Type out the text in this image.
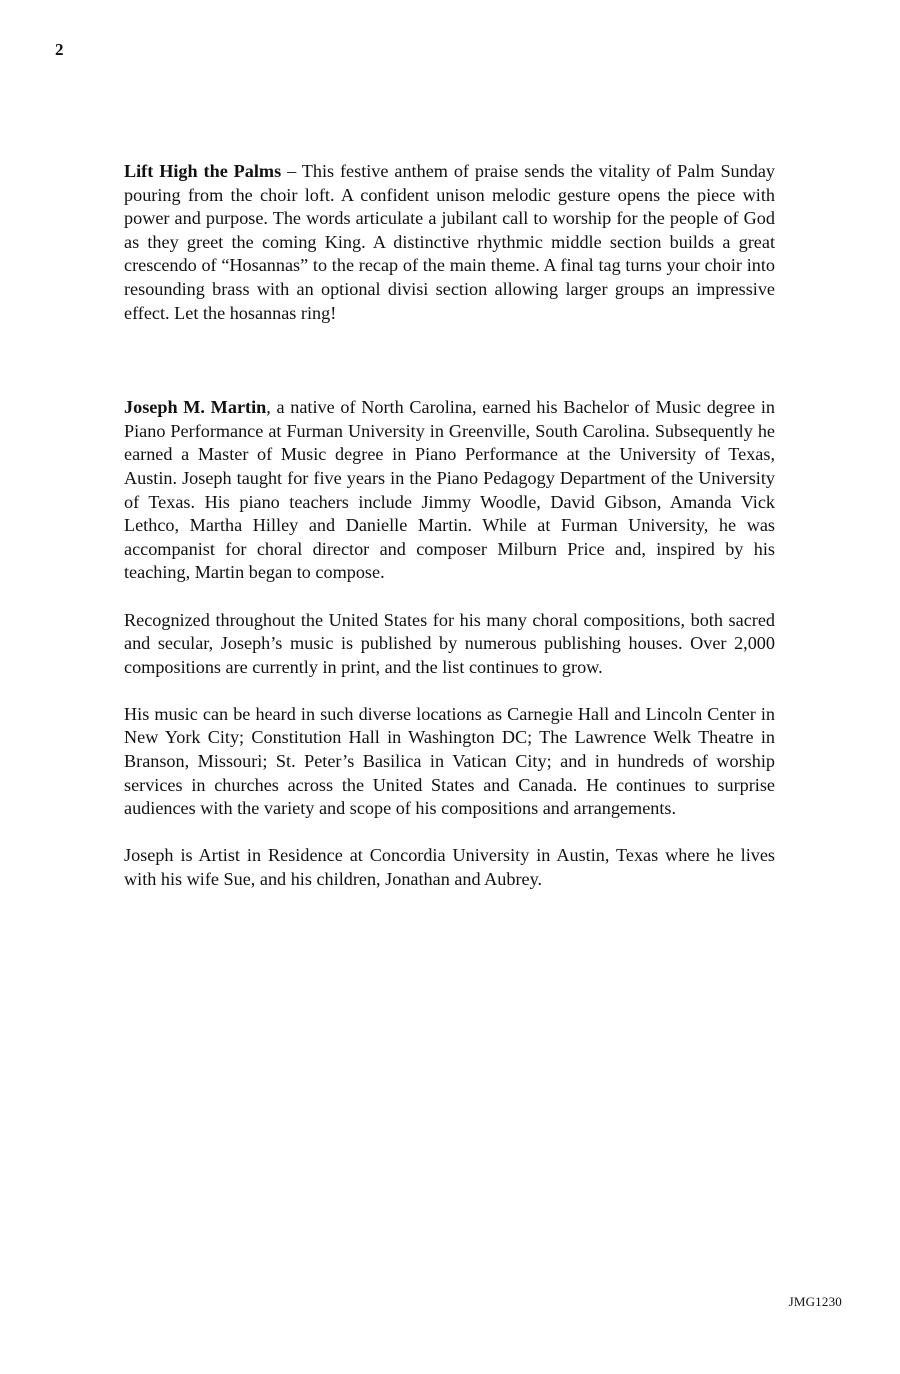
2

Lift High the Palms – This festive anthem of praise sends the vitality of Palm Sunday pouring from the choir loft. A confident unison melodic gesture opens the piece with power and purpose. The words articulate a jubilant call to worship for the people of God as they greet the coming King. A distinctive rhythmic middle section builds a great crescendo of “Hosannas” to the recap of the main theme. A final tag turns your choir into resounding brass with an optional divisi section allowing larger groups an impressive effect. Let the hosannas ring!

Joseph M. Martin, a native of North Carolina, earned his Bachelor of Music degree in Piano Performance at Furman University in Greenville, South Carolina. Subsequently he earned a Master of Music degree in Piano Performance at the University of Texas, Austin. Joseph taught for five years in the Piano Pedagogy Department of the University of Texas. His piano teachers include Jimmy Woodle, David Gibson, Amanda Vick Lethco, Martha Hilley and Danielle Martin. While at Furman University, he was accompanist for choral director and composer Milburn Price and, inspired by his teaching, Martin began to compose.

Recognized throughout the United States for his many choral compositions, both sacred and secular, Joseph’s music is published by numerous publishing houses. Over 2,000 compositions are currently in print, and the list continues to grow.

His music can be heard in such diverse locations as Carnegie Hall and Lincoln Center in New York City; Constitution Hall in Washington DC; The Lawrence Welk Theatre in Branson, Missouri; St. Peter’s Basilica in Vatican City; and in hundreds of worship services in churches across the United States and Canada. He continues to surprise audiences with the variety and scope of his compositions and arrangements.

Joseph is Artist in Residence at Concordia University in Austin, Texas where he lives with his wife Sue, and his children, Jonathan and Aubrey.

JMG1230
